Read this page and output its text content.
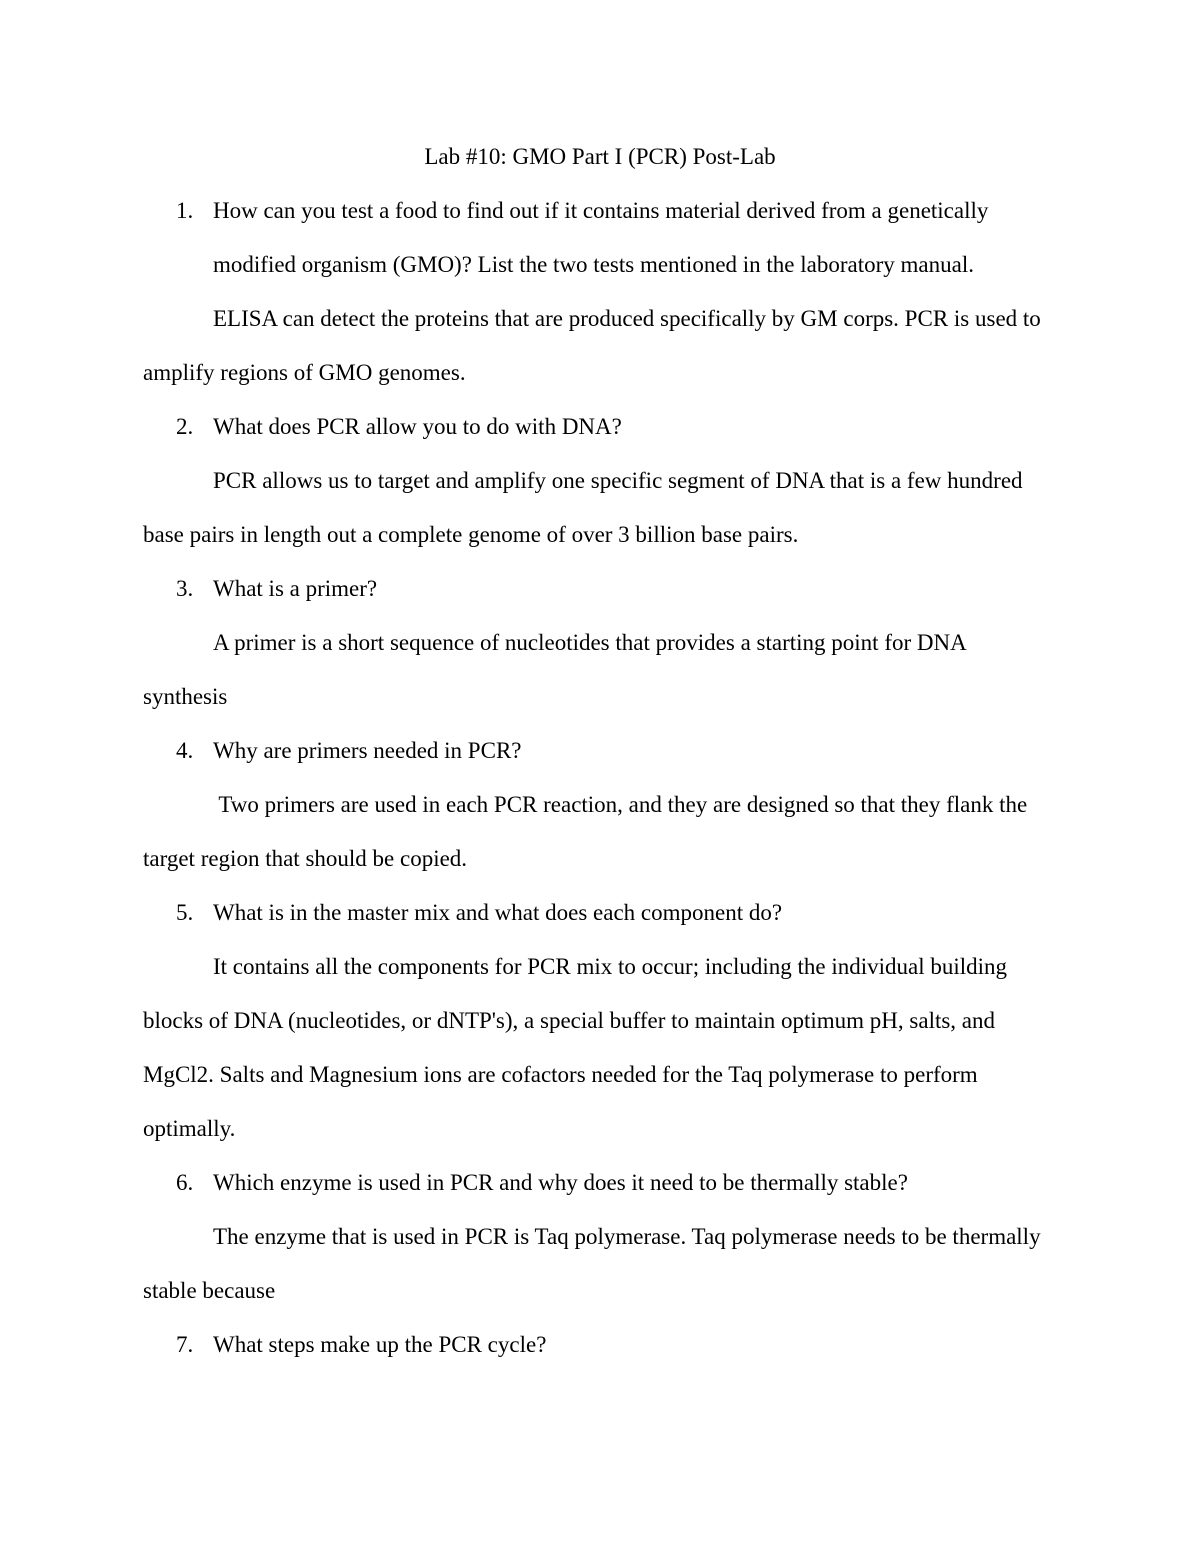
Lab #10: GMO Part I (PCR) Post-Lab
1. How can you test a food to find out if it contains material derived from a genetically
modified organism (GMO)? List the two tests mentioned in the laboratory manual.
ELISA can detect the proteins that are produced specifically by GM corps. PCR is used to
amplify regions of GMO genomes.
2. What does PCR allow you to do with DNA?
PCR allows us to target and amplify one specific segment of DNA that is a few hundred
base pairs in length out a complete genome of over 3 billion base pairs.
3. What is a primer?
A primer is a short sequence of nucleotides that provides a starting point for DNA
synthesis
4. Why are primers needed in PCR?
Two primers are used in each PCR reaction, and they are designed so that they flank the
target region that should be copied.
5. What is in the master mix and what does each component do?
It contains all the components for PCR mix to occur; including the individual building
blocks of DNA (nucleotides, or dNTP's), a special buffer to maintain optimum pH, salts, and
MgCl2. Salts and Magnesium ions are cofactors needed for the Taq polymerase to perform
optimally.
6. Which enzyme is used in PCR and why does it need to be thermally stable?
The enzyme that is used in PCR is Taq polymerase. Taq polymerase needs to be thermally
stable because
7. What steps make up the PCR cycle?
